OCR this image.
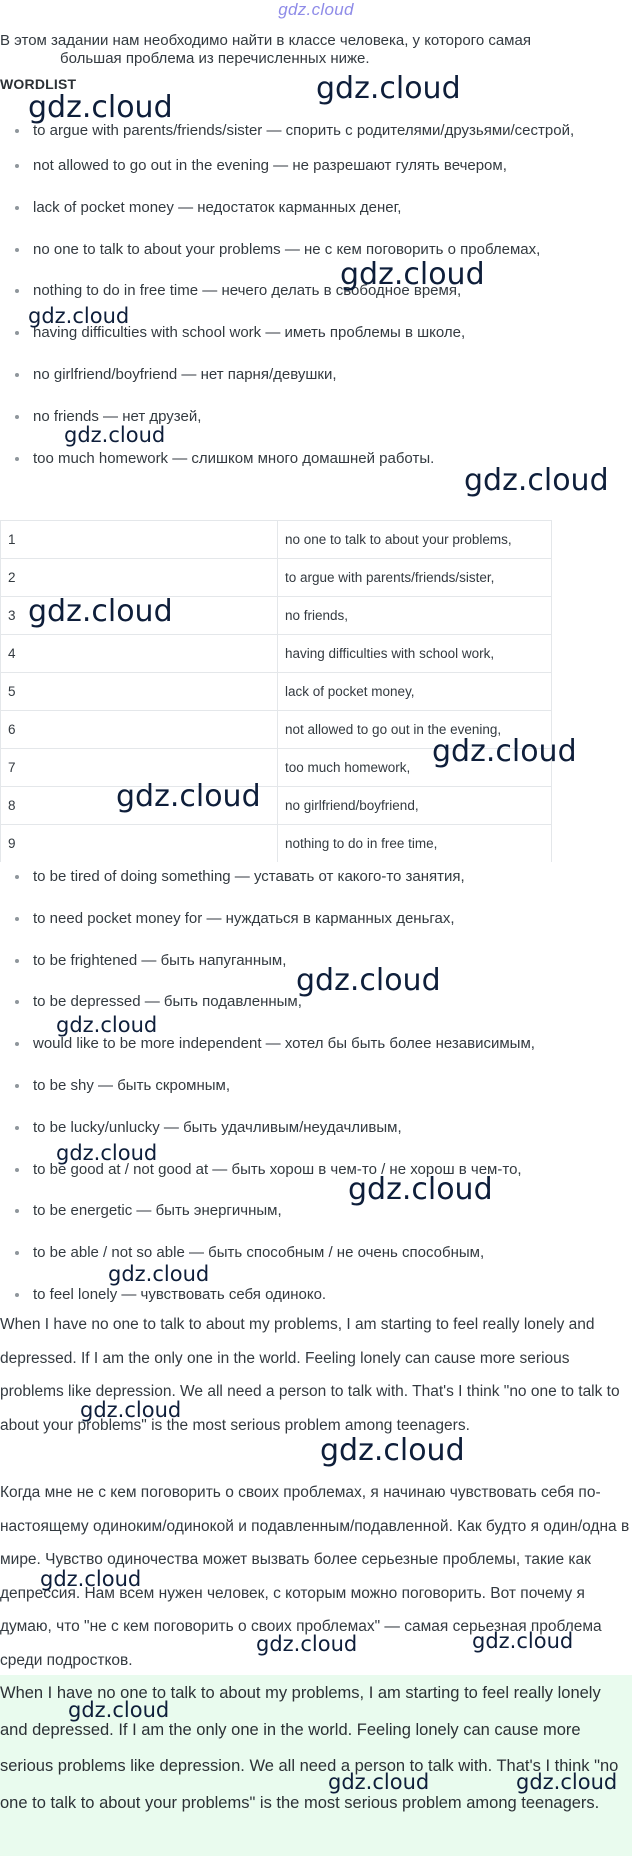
gdz.cloud
В этом задании нам необходимо найти в классе человека, у которого самая
большая проблема из перечисленных ниже.
WORDLIST
to argue with parents/friends/sister — спорить с родителями/друзьями/сестрой,
not allowed to go out in the evening — не разрешают гулять вечером,
lack of pocket money — недостаток карманных денег,
no one to talk to about your problems — не с кем поговорить о проблемах,
nothing to do in free time — нечего делать в свободное время,
having difficulties with school work — иметь проблемы в школе,
no girlfriend/boyfriend — нет парня/девушки,
no friends — нет друзей,
too much homework — слишком много домашней работы.
1	no one to talk to about your problems,
2	to argue with parents/friends/sister,
3	no friends,
4	having difficulties with school work,
5	lack of pocket money,
6	not allowed to go out in the evening,
7	too much homework,
8	no girlfriend/boyfriend,
9	nothing to do in free time,
to be tired of doing something — уставать от какого-то занятия,
to need pocket money for — нуждаться в карманных деньгах,
to be frightened — быть напуганным,
to be depressed — быть подавленным,
would like to be more independent — хотел бы быть более независимым,
to be shy — быть скромным,
to be lucky/unlucky — быть удачливым/неудачливым,
to be good at / not good at — быть хорош в чем-то / не хорош в чем-то,
to be energetic — быть энергичным,
to be able / not so able — быть способным / не очень способным,
to feel lonely — чувствовать себя одиноко.

When I have no one to talk to about my problems, I am starting to feel really lonely and depressed. If I am the only one in the world. Feeling lonely can cause more serious problems like depression. We all need a person to talk with. That's I think "no one to talk to about your problems" is the most serious problem among teenagers.

Когда мне не с кем поговорить о своих проблемах, я начинаю чувствовать себя по-настоящему одиноким/одинокой и подавленным/подавленной. Как будто я один/одна в мире. Чувство одиночества может вызвать более серьезные проблемы, такие как депрессия. Нам всем нужен человек, с которым можно поговорить. Вот почему я думаю, что "не с кем поговорить о своих проблемах" — самая серьезная проблема среди подростков.

When I have no one to talk to about my problems, I am starting to feel really lonely and depressed. If I am the only one in the world. Feeling lonely can cause more serious problems like depression. We all need a person to talk with. That's I think "no one to talk to about your problems" is the most serious problem among teenagers.

gdz.cloud
gdz.cloud
gdz.cloud
gdz.cloud
gdz.cloud
gdz.cloud
gdz.cloud
gdz.cloud
gdz.cloud
gdz.cloud
gdz.cloud
gdz.cloud
gdz.cloud
gdz.cloud
gdz.cloud
gdz.cloud
gdz.cloud
gdz.cloud	gdz.cloud
gdz.cloud
gdz.cloud	gdz.cloud
